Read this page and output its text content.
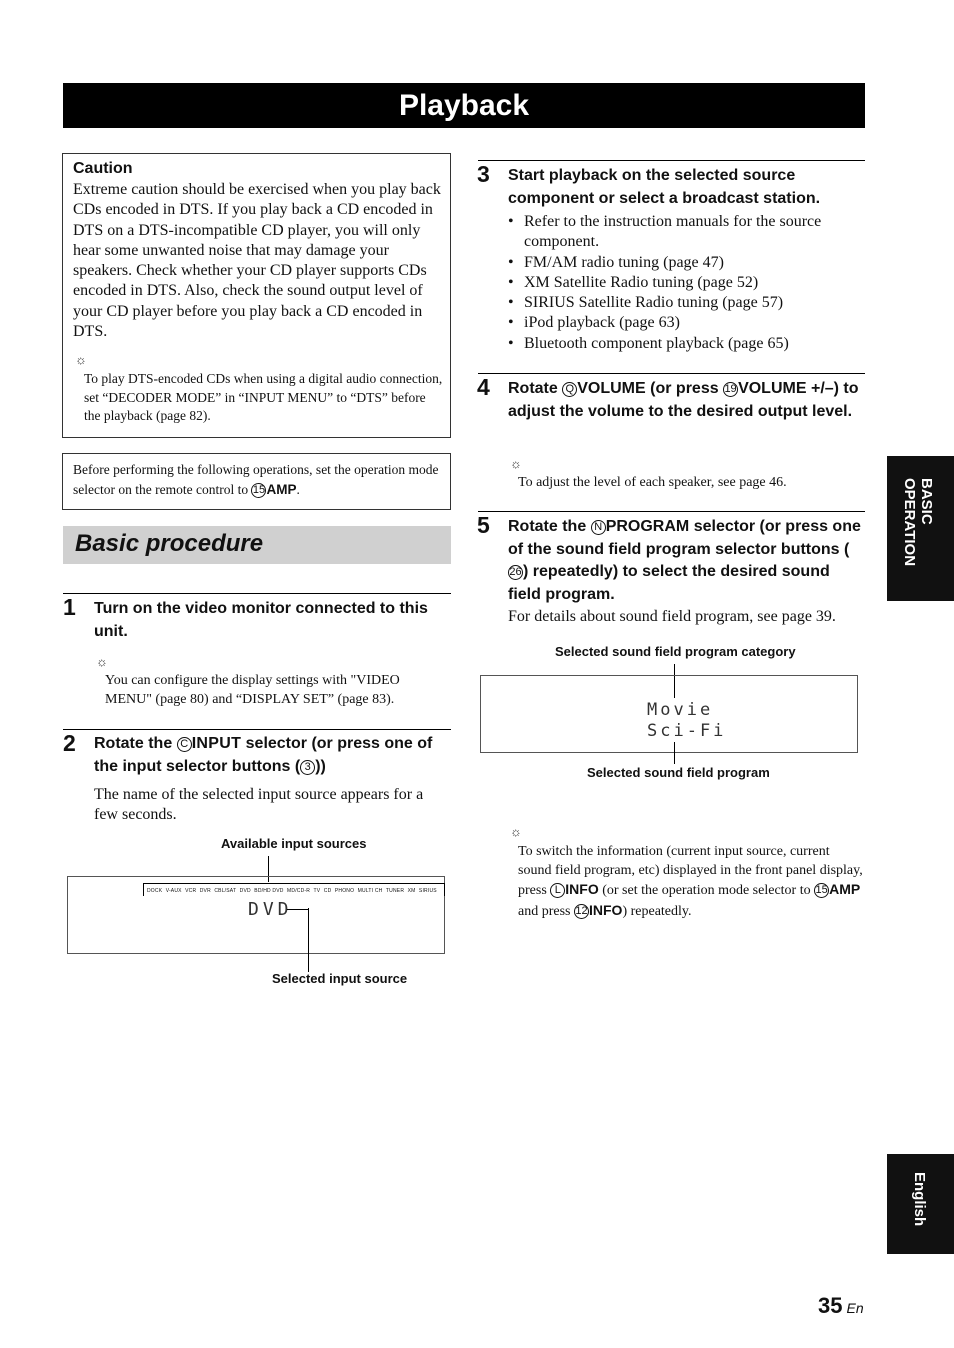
Playback
Caution
Extreme caution should be exercised when you play back CDs encoded in DTS. If you play back a CD encoded in DTS on a DTS-incompatible CD player, you will only hear some unwanted noise that may damage your speakers. Check whether your CD player supports CDs encoded in DTS. Also, check the sound output level of your CD player before you play back a CD encoded in DTS.
☼
To play DTS-encoded CDs when using a digital audio connection, set “DECODER MODE” in “INPUT MENU” to “DTS” before the playback (page 82).
Before performing the following operations, set the operation mode selector on the remote control to 15AMP.
Basic procedure
1 Turn on the video monitor connected to this unit.
☼
You can configure the display settings with "VIDEO MENU" (page 80) and “DISPLAY SET” (page 83).
2 Rotate the C INPUT selector (or press one of the input selector buttons ( 3 ))
The name of the selected input source appears for a few seconds.
Available input sources
DOCK V-AUX VCR DVR CBL/SAT DVD BD/HD DVD MD/CD-R TV CD PHONO MULTI CH TUNER XM SIRIUS
DVD
Selected input source
3 Start playback on the selected source component or select a broadcast station.
• Refer to the instruction manuals for the source component.
• FM/AM radio tuning (page 47)
• XM Satellite Radio tuning (page 52)
• SIRIUS Satellite Radio tuning (page 57)
• iPod playback (page 63)
• Bluetooth component playback (page 65)
4 Rotate Q VOLUME (or press 19VOLUME +/–) to adjust the volume to the desired output level.
☼
To adjust the level of each speaker, see page 46.
5 Rotate the N PROGRAM selector (or press one of the sound field program selector buttons (26) repeatedly) to select the desired sound field program.
For details about sound field program, see page 39.
Selected sound field program category
Movie
Sci-Fi
Selected sound field program
☼
To switch the information (current input source, current sound field program, etc) displayed in the front panel display, press L INFO (or set the operation mode selector to 15AMP and press 12INFO) repeatedly.
BASIC
OPERATION
English
35 En
